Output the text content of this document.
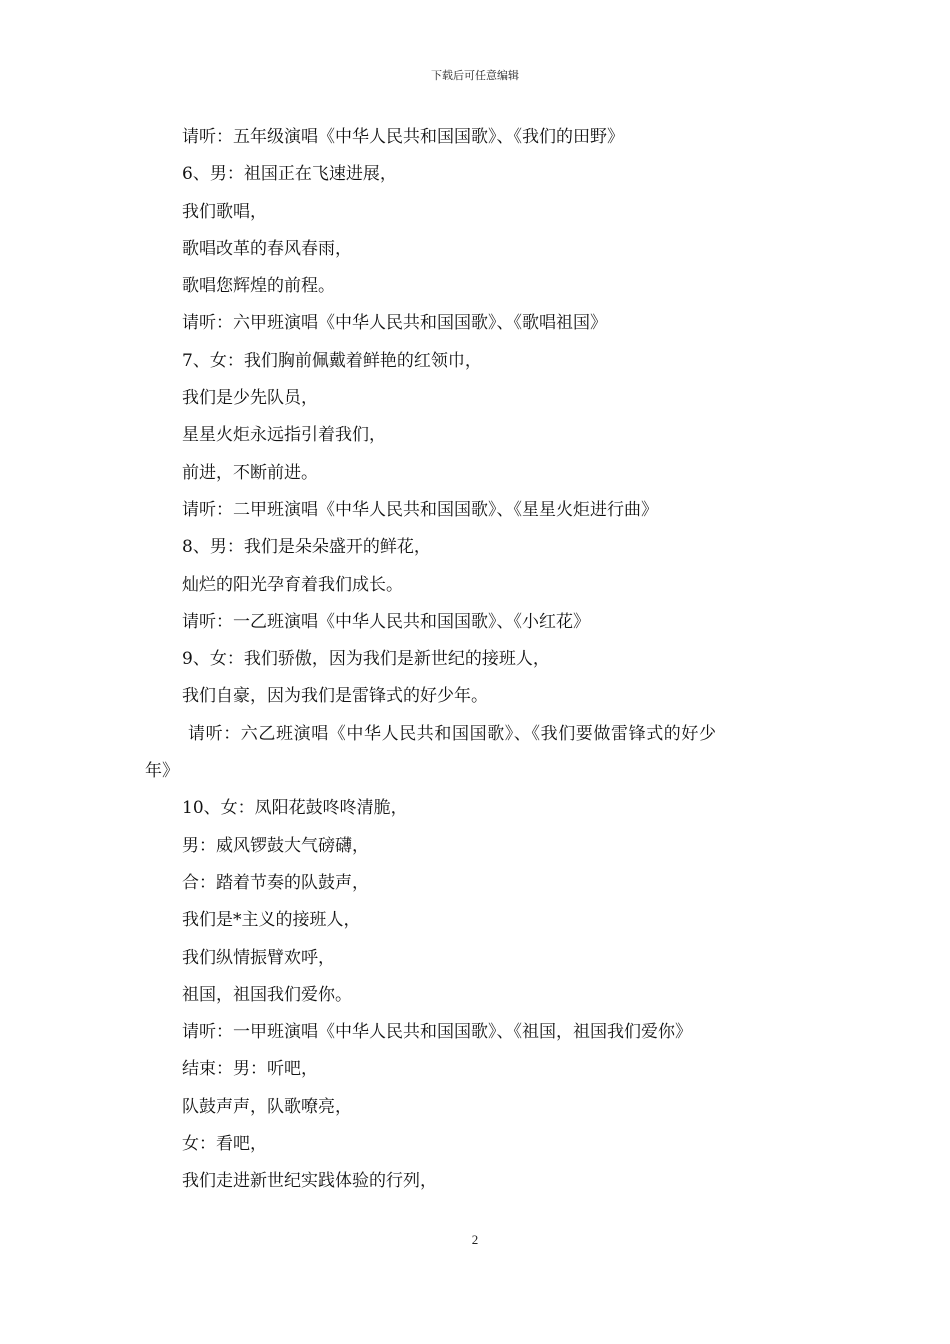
下载后可任意编辑
请听：五年级演唱《中华人民共和国国歌》、《我们的田野》
6、男：祖国正在飞速进展，
我们歌唱，
歌唱改革的春风春雨，
歌唱您辉煌的前程。
请听：六甲班演唱《中华人民共和国国歌》、《歌唱祖国》
7、女：我们胸前佩戴着鲜艳的红领巾，
我们是少先队员，
星星火炬永远指引着我们，
前进，不断前进。
请听：二甲班演唱《中华人民共和国国歌》、《星星火炬进行曲》
8、男：我们是朵朵盛开的鲜花，
灿烂的阳光孕育着我们成长。
请听：一乙班演唱《中华人民共和国国歌》、《小红花》
9、女：我们骄傲，因为我们是新世纪的接班人，
我们自豪，因为我们是雷锋式的好少年。
请听：六乙班演唱《中华人民共和国国歌》、《我们要做雷锋式的好少
年》
10、女：凤阳花鼓咚咚清脆，
男：威风锣鼓大气磅礴，
合：踏着节奏的队鼓声，
我们是*主义的接班人，
我们纵情振臂欢呼，
祖国，祖国我们爱你。
请听：一甲班演唱《中华人民共和国国歌》、《祖国，祖国我们爱你》
结束：男：听吧，
队鼓声声，队歌嘹亮，
女：看吧，
我们走进新世纪实践体验的行列，
2
